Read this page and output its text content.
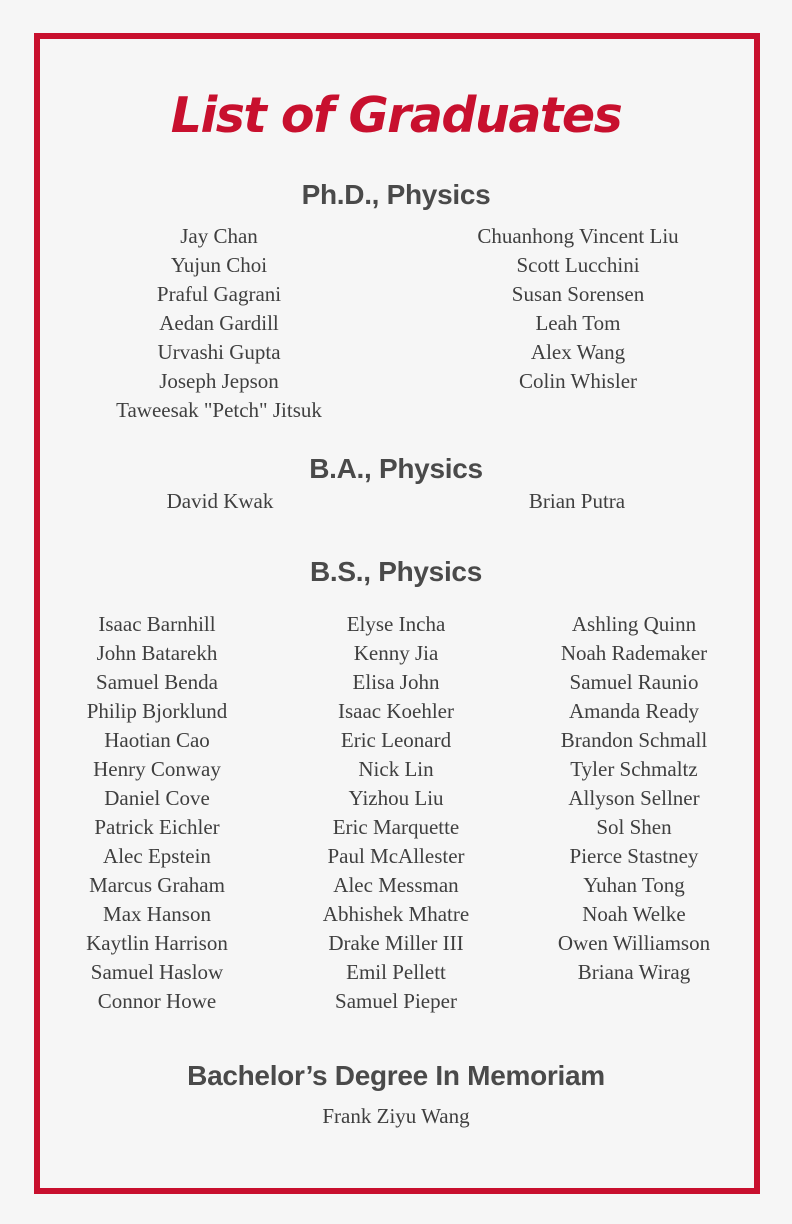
List of Graduates
Ph.D., Physics
Jay Chan
Yujun Choi
Praful Gagrani
Aedan Gardill
Urvashi Gupta
Joseph Jepson
Taweesak "Petch" Jitsuk
Chuanhong Vincent Liu
Scott Lucchini
Susan Sorensen
Leah Tom
Alex Wang
Colin Whisler
B.A., Physics
David Kwak	Brian Putra
B.S., Physics
Isaac Barnhill
John Batarekh
Samuel Benda
Philip Bjorklund
Haotian Cao
Henry Conway
Daniel Cove
Patrick Eichler
Alec Epstein
Marcus Graham
Max Hanson
Kaytlin Harrison
Samuel Haslow
Connor Howe
Elyse Incha
Kenny Jia
Elisa John
Isaac Koehler
Eric Leonard
Nick Lin
Yizhou Liu
Eric Marquette
Paul McAllester
Alec Messman
Abhishek Mhatre
Drake Miller III
Emil Pellett
Samuel Pieper
Ashling Quinn
Noah Rademaker
Samuel Raunio
Amanda Ready
Brandon Schmall
Tyler Schmaltz
Allyson Sellner
Sol Shen
Pierce Stastney
Yuhan Tong
Noah Welke
Owen Williamson
Briana Wirag
Bachelor’s Degree In Memoriam
Frank Ziyu Wang
